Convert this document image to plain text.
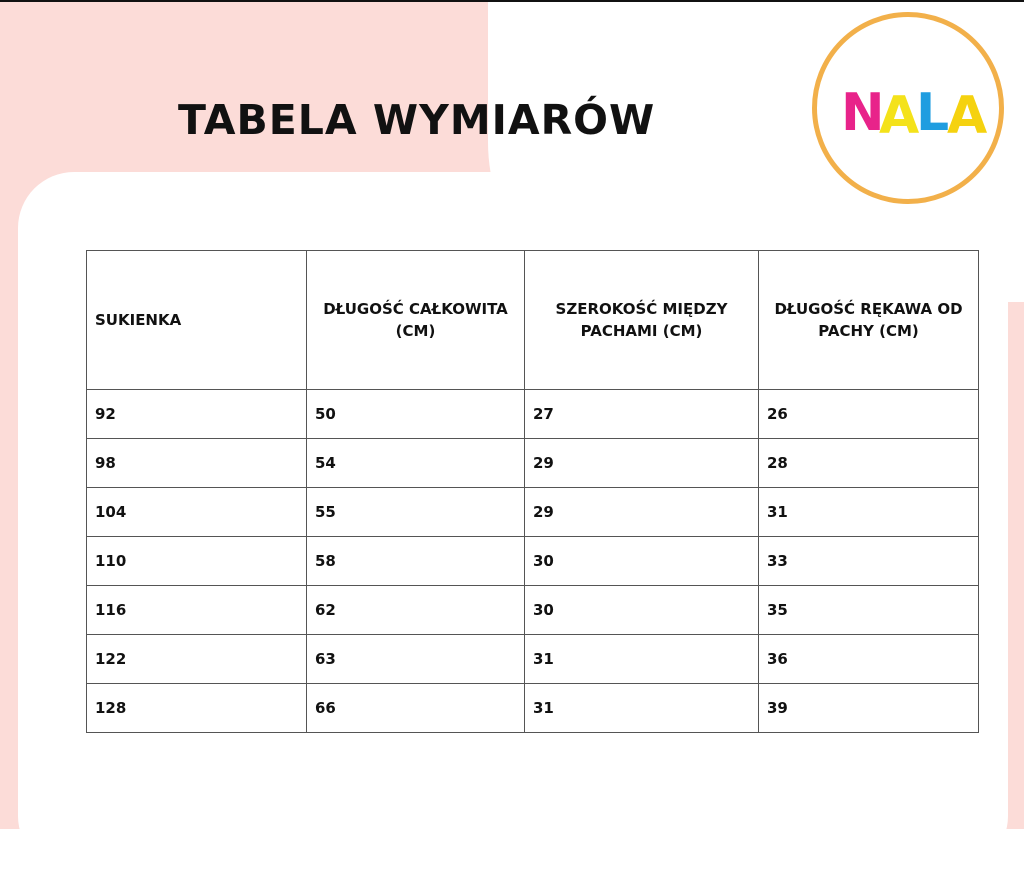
TABELA WYMIARÓW	N
A
L
A
SUKIENKA	DŁUGOŚĆ CAŁKOWITA (CM)	SZEROKOŚĆ MIĘDZY PACHAMI (CM)	DŁUGOŚĆ RĘKAWA OD PACHY (CM)
92	50	27	26
98	54	29	28
104	55	29	31
110	58	30	33
116	62	30	35
122	63	31	36
128	66	31	39
